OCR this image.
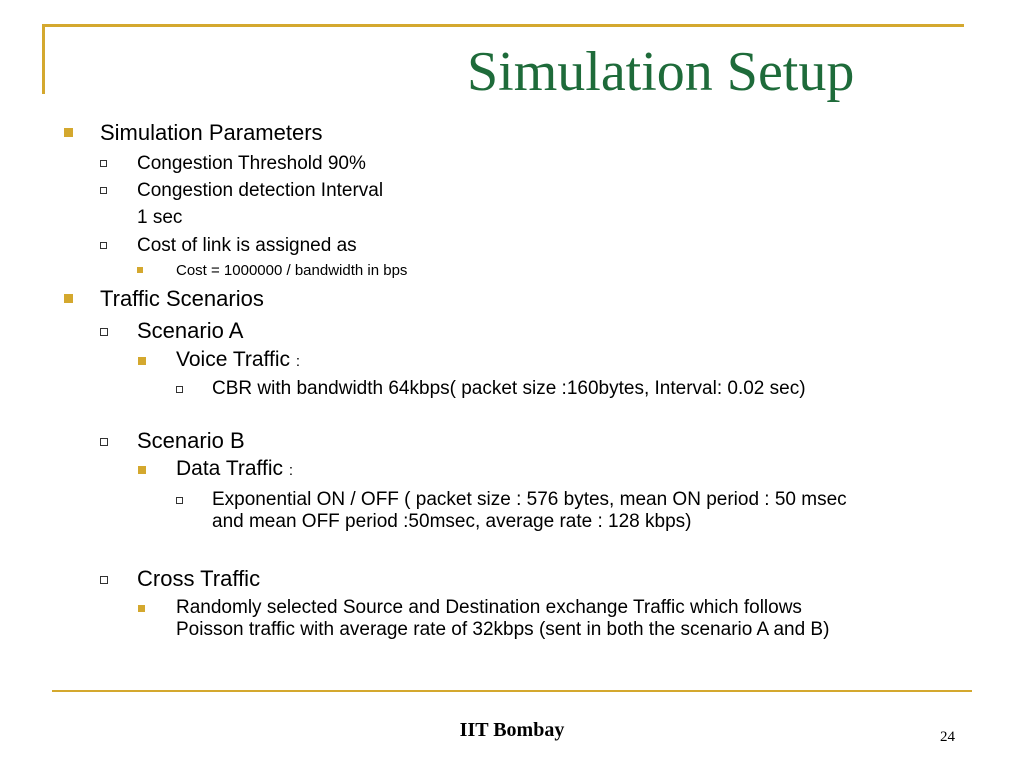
Simulation Setup
Simulation Parameters
Congestion Threshold 90%
Congestion detection Interval
1 sec
Cost of link is assigned as
Cost = 1000000 / bandwidth in bps
Traffic Scenarios
Scenario A
Voice Traffic :
CBR with bandwidth 64kbps( packet size :160bytes, Interval: 0.02 sec)
Scenario B
Data Traffic :
Exponential ON / OFF ( packet size : 576 bytes, mean ON period : 50 msec
and mean OFF period :50msec, average rate : 128 kbps)
Cross Traffic
Randomly selected Source and Destination exchange Traffic which follows
Poisson traffic with average rate of 32kbps (sent in both the scenario A and B)
IIT Bombay	24
